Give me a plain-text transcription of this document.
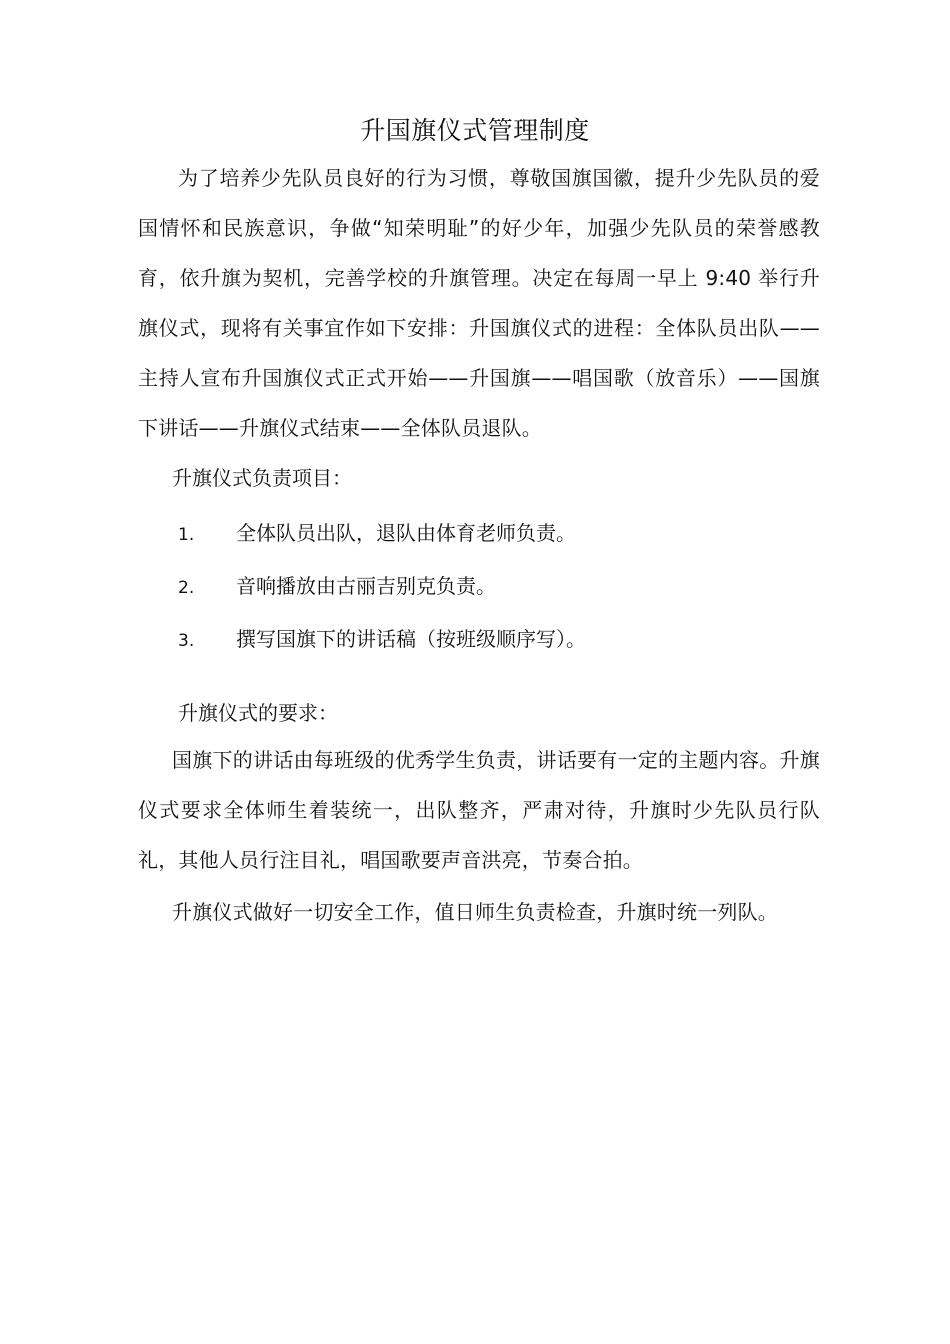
升国旗仪式管理制度

为了培养少先队员良好的行为习惯，尊敬国旗国徽，提升少先队员的爱国情怀和民族意识，争做“知荣明耻”的好少年，加强少先队员的荣誉感教育，依升旗为契机，完善学校的升旗管理。决定在每周一早上 9:40 举行升旗仪式，现将有关事宜作如下安排：升国旗仪式的进程：全体队员出队——主持人宣布升国旗仪式正式开始——升国旗——唱国歌（放音乐）——国旗下讲话——升旗仪式结束——全体队员退队。

升旗仪式负责项目：

1.	全体队员出队，退队由体育老师负责。
2.	音响播放由古丽吉别克负责。
3.	撰写国旗下的讲话稿（按班级顺序写）。

升旗仪式的要求：

国旗下的讲话由每班级的优秀学生负责，讲话要有一定的主题内容。升旗仪式要求全体师生着装统一，出队整齐，严肃对待，升旗时少先队员行队礼，其他人员行注目礼，唱国歌要声音洪亮，节奏合拍。

升旗仪式做好一切安全工作，值日师生负责检查，升旗时统一列队。
